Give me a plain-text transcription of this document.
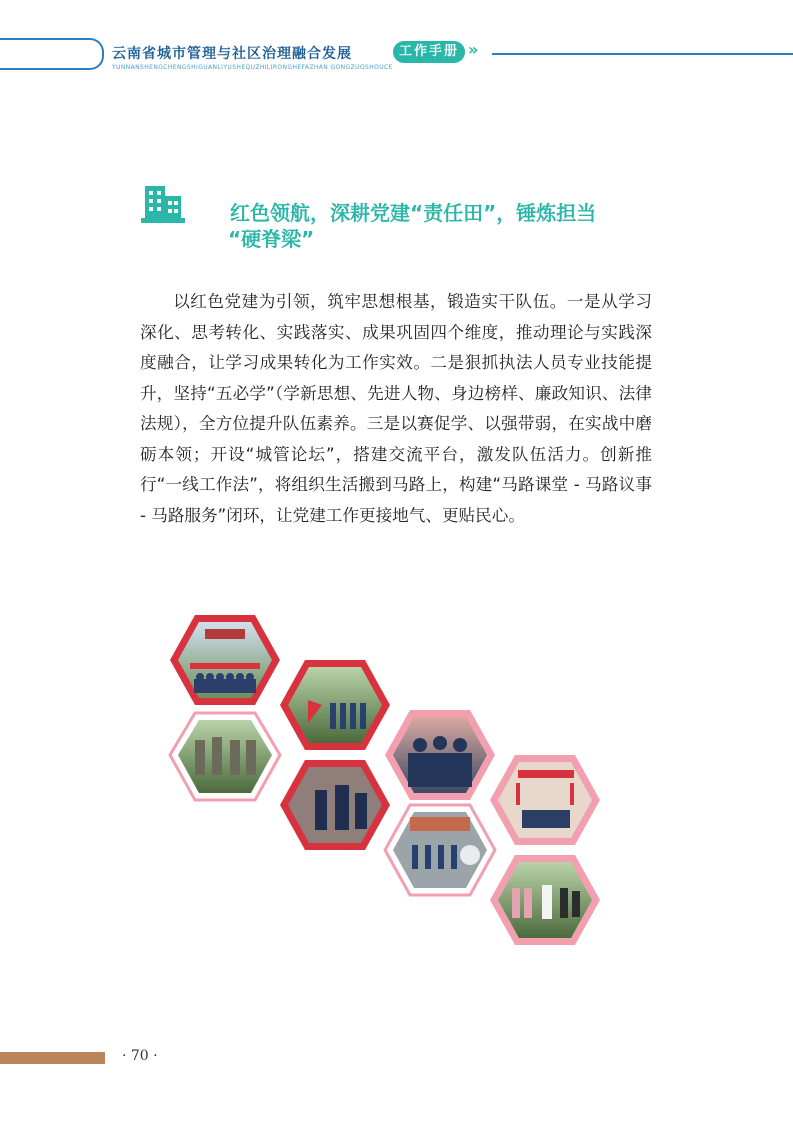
云南省城市管理与社区治理融合发展	工作手册 »
YUNNANSHENGCHENGSHIGUANLIYUSHEQUZHILIRONGHEFAZHAN GONGZUOSHOUCE
红色领航，深耕党建“责任田”，锤炼担当
“硬脊梁”
以红色党建为引领，筑牢思想根基，锻造实干队伍。一是从学习深化、思考转化、实践落实、成果巩固四个维度，推动理论与实践深度融合，让学习成果转化为工作实效。二是狠抓执法人员专业技能提升，坚持“五必学”（学新思想、先进人物、身边榜样、廉政知识、法律法规），全方位提升队伍素养。三是以赛促学、以强带弱，在实战中磨砺本领；开设“城管论坛”，搭建交流平台，激发队伍活力。创新推行“一线工作法”，将组织生活搬到马路上，构建“马路课堂 - 马路议事 - 马路服务”闭环，让党建工作更接地气、更贴民心。
· 70 ·
